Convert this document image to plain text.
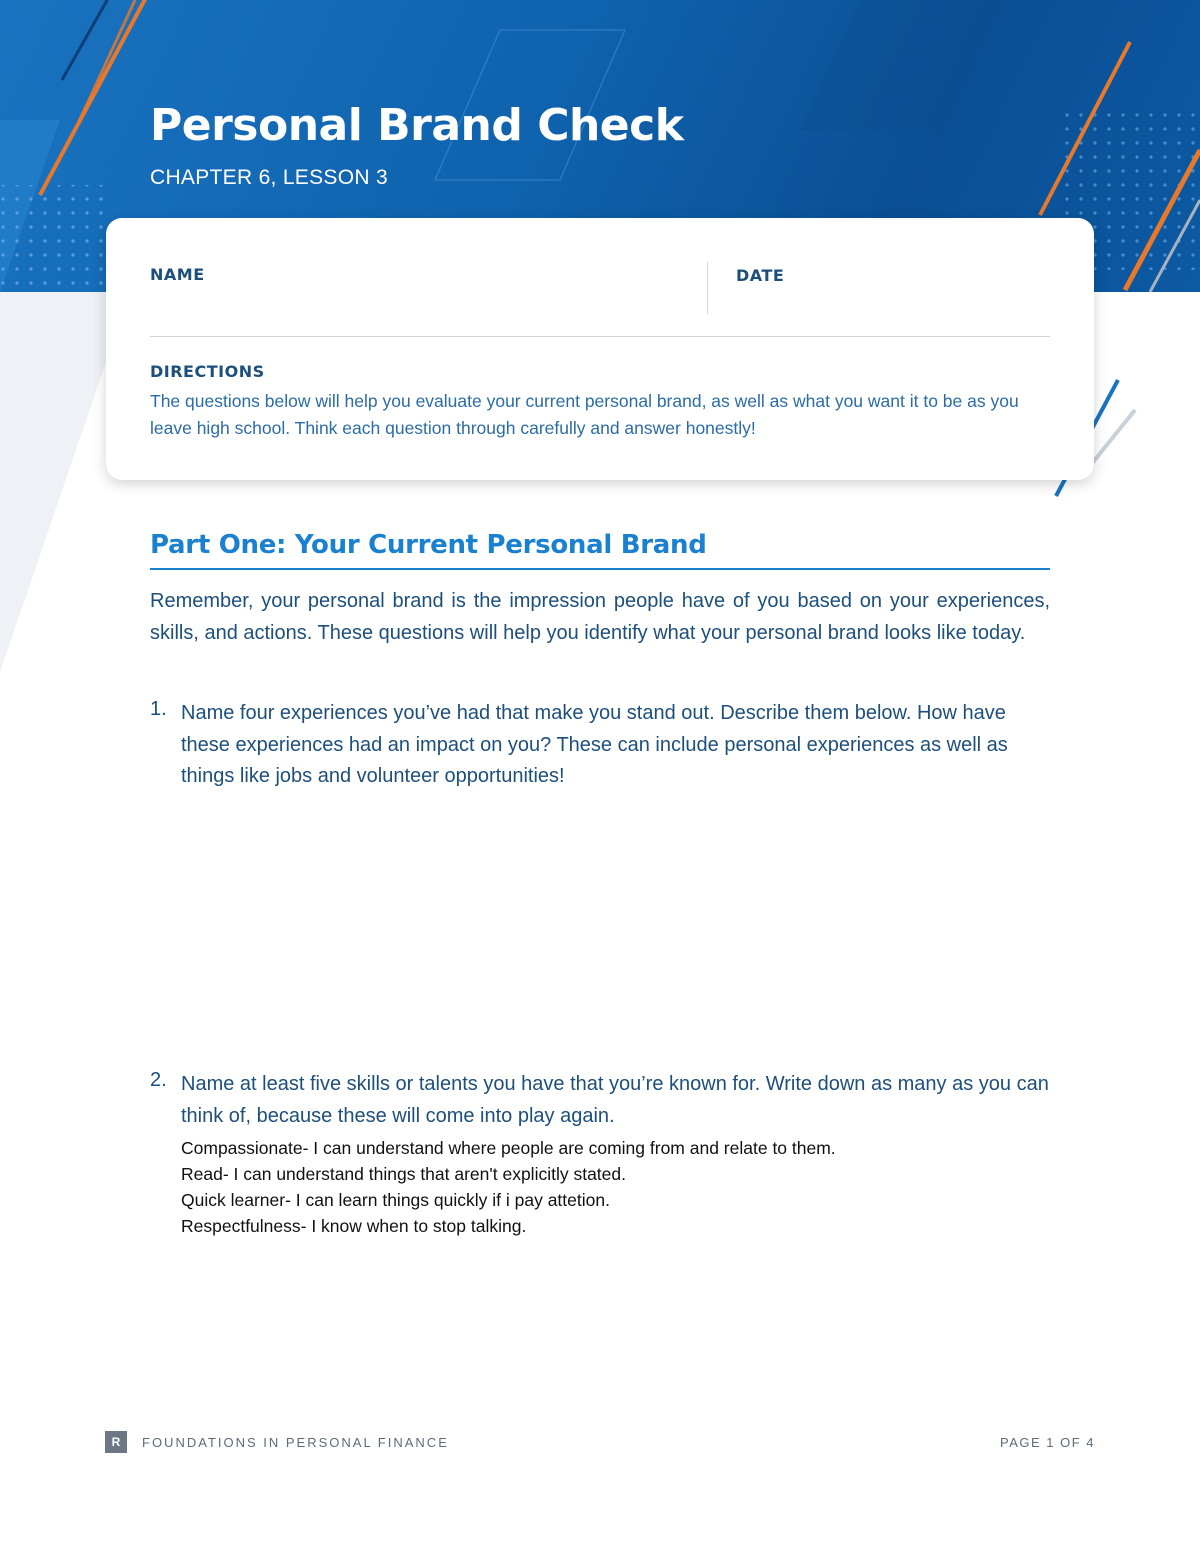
Personal Brand Check
CHAPTER 6, LESSON 3
NAME	DATE
DIRECTIONS

The questions below will help you evaluate your current personal brand, as well as what you want it to be as you leave high school. Think each question through carefully and answer honestly!

Part One: Your Current Personal Brand

Remember, your personal brand is the impression people have of you based on your experiences, skills, and actions. These questions will help you identify what your personal brand looks like today.

1. Name four experiences you’ve had that make you stand out. Describe them below. How have these experiences had an impact on you? These can include personal experiences as well as things like jobs and volunteer opportunities!

2. Name at least five skills or talents you have that you’re known for. Write down as many as you can think of, because these will come into play again.

Compassionate- I can understand where people are coming from and relate to them.
Read- I can understand things that aren't explicitly stated.
Quick learner- I can learn things quickly if i pay attetion.
Respectfulness- I know when to stop talking.
R	FOUNDATIONS IN PERSONAL FINANCE	PAGE 1 OF 4
